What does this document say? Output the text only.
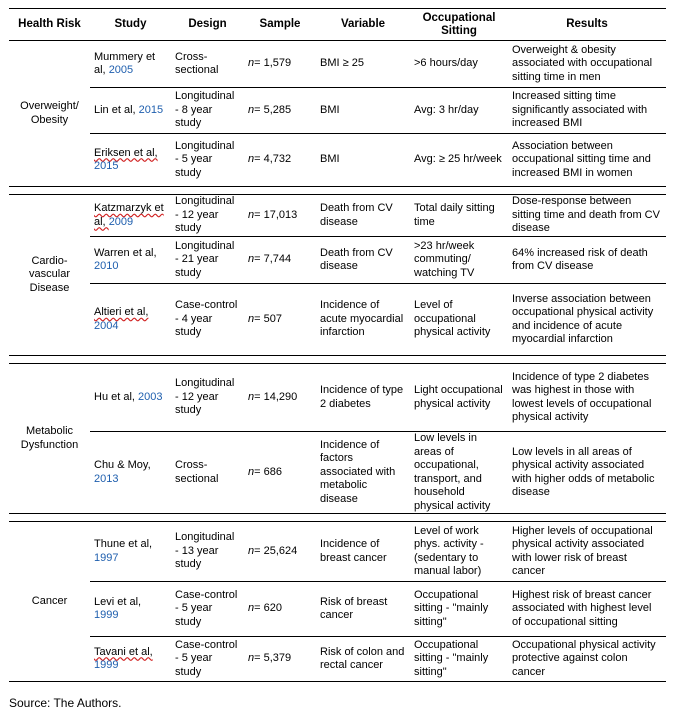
Health Risk	Study	Design	Sample	Variable	Occupational Sitting	Results
Overweight/ Obesity	Mummery et al, 2005	Cross-sectional	n= 1,579	BMI ≥ 25	>6 hours/day	Overweight & obesity associated with occupational sitting time in men
	Lin et al, 2015	Longitudinal - 8 year study	n= 5,285	BMI	Avg: 3 hr/day	Increased sitting time significantly associated with increased BMI
	Eriksen et al, 2015	Longitudinal - 5 year study	n= 4,732	BMI	Avg: ≥ 25 hr/week	Association between occupational sitting time and increased BMI in women

Cardio-vascular Disease	Katzmarzyk et al, 2009	Longitudinal - 12 year study	n= 17,013	Death from CV disease	Total daily sitting time	Dose-response between sitting time and death from CV disease
	Warren et al, 2010	Longitudinal - 21 year study	n= 7,744	Death from CV disease	>23 hr/week commuting/ watching TV	64% increased risk of death from CV disease
	Altieri et al, 2004	Case-control - 4 year study	n= 507	Incidence of acute myocardial infarction	Level of occupational physical activity	Inverse association between occupational physical activity and incidence of acute myocardial infarction

Metabolic Dysfunction	Hu et al, 2003	Longitudinal - 12 year study	n= 14,290	Incidence of type 2 diabetes	Light occupational physical activity	Incidence of type 2 diabetes was highest in those with lowest levels of occupational physical activity
	Chu & Moy, 2013	Cross-sectional	n= 686	Incidence of factors associated with metabolic disease	Low levels in areas of occupational, transport, and household physical activity	Low levels in all areas of physical activity associated with higher odds of metabolic disease

Cancer	Thune et al, 1997	Longitudinal - 13 year study	n= 25,624	Incidence of breast cancer	Level of work phys. activity - (sedentary to manual labor)	Higher levels of occupational physical activity associated with lower risk of breast cancer
	Levi et al, 1999	Case-control - 5 year study	n= 620	Risk of breast cancer	Occupational sitting - "mainly sitting"	Highest risk of breast cancer associated with highest level of occupational sitting
	Tavani et al, 1999	Case-control - 5 year study	n= 5,379	Risk of colon and rectal cancer	Occupational sitting - "mainly sitting"	Occupational physical activity protective against colon cancer
Source: The Authors.
